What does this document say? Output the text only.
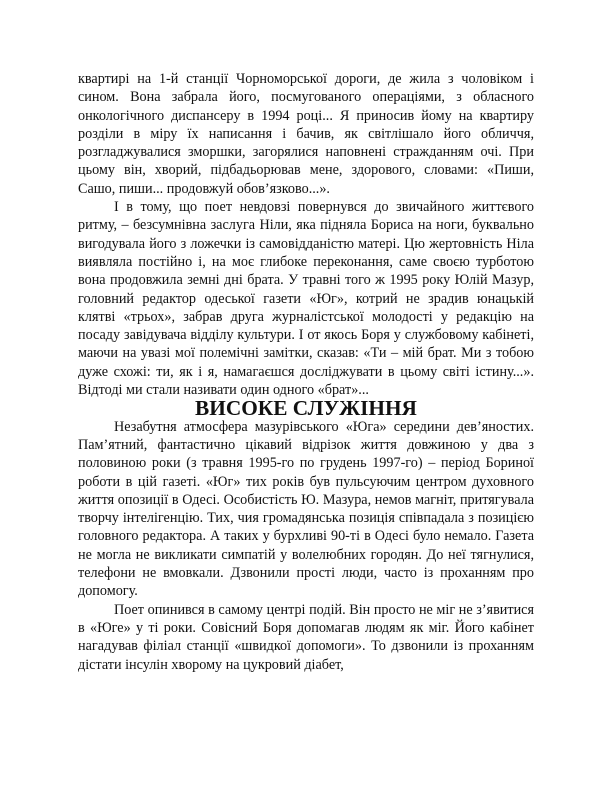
квартирі на 1-й станції Чорноморської дороги, де жила з чоловіком і сином. Вона забрала його, посмугованого операціями, з обласного онкологічного диспансеру в 1994 році... Я приносив йому на квартиру розділи в міру їх написання і бачив, як світлішало його обличчя, розгладжувалися зморшки, загорялися наповнені стражданням очі. При цьому він, хворий, підбадьорював мене, здорового, словами: «Пиши, Сашо, пиши... продовжуй обов’язково...».

І в тому, що поет невдовзі повернувся до звичайного життєвого ритму, – безсумнівна заслуга Ніли, яка підняла Бориса на ноги, буквально вигодувала його з ложечки із самовідданістю матері. Цю жертовність Ніла виявляла постійно і, на моє глибоке переконання, саме своєю турботою вона продовжила земні дні брата. У травні того ж 1995 року Юлій Мазур, головний редактор одеської газети «Юг», котрий не зрадив юнацькій клятві «трьох», забрав друга журналістської молодості у редакцію на посаду завідувача відділу культури. І от якось Боря у службовому кабінеті, маючи на увазі мої полемічні замітки, сказав: «Ти – мій брат. Ми з тобою дуже схожі: ти, як і я, намагаєшся досліджувати в цьому світі істину...». Відтоді ми стали називати один одного «брат»...

ВИСОКЕ СЛУЖІННЯ

Незабутня атмосфера мазурівського «Юга» середини дев’яностих. Пам’ятний, фантастично цікавий відрізок життя довжиною у два з половиною роки (з травня 1995-го по грудень 1997-го) – період Бориної роботи в цій газеті. «Юг» тих років був пульсуючим центром духовного життя опозиції в Одесі. Особистість Ю. Мазура, немов магніт, притягувала творчу інтелігенцію. Тих, чия громадянська позиція співпадала з позицією головного редактора. А таких у бурхливі 90-ті в Одесі було немало. Газета не могла не викликати симпатій у волелюбних городян. До неї тягнулися, телефони не вмовкали. Дзвонили прості люди, часто із проханням про допомогу.

Поет опинився в самому центрі подій. Він просто не міг не з’явитися в «Юге» у ті роки. Совісний Боря допомагав людям як міг. Його кабінет нагадував філіал станції «швидкої допомоги». То дзвонили із проханням дістати інсулін хворому на цукровий діабет,
